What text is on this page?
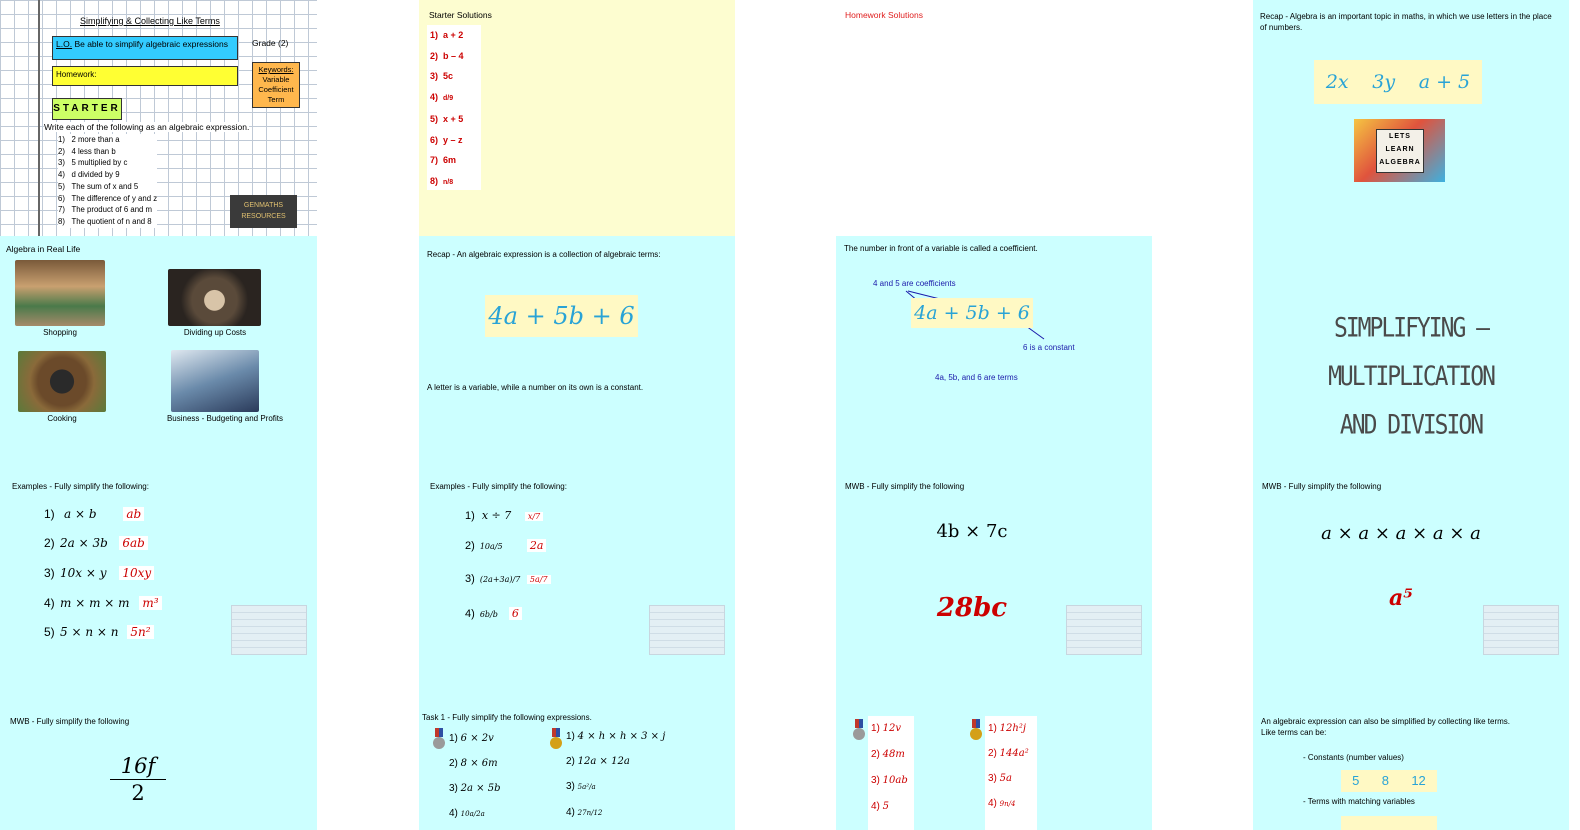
Simplifying & Collecting Like Terms
L.O. Be able to simplify algebraic expressions	Grade (2)
Homework:
Keywords:
Variable
Coefficient
Term
STARTER
Write each of the following as an algebraic expression.
1)   2 more than a
2)   4 less than b
3)   5 multiplied by c
4)   d divided by 9
5)   The sum of x and 5
6)   The difference of y and z
7)   The product of 6 and m
8)   The quotient of n and 8
GENMATHS
RESOURCES
Starter Solutions
1)  a + 2
2)  b – 4
3)  5c
4)  d/9
5)  x + 5
6)  y – z
7)  6m
8)  n/8
Homework Solutions	Recap - Algebra is an important topic in maths, in which we use letters in the place of numbers.
2x 3y a + 5
LETS
LEARN
ALGEBRA
Algebra in Real Life
Shopping	Dividing up Costs
Cooking	Business - Budgeting and Profits
Recap - An algebraic expression is a collection of algebraic terms:
4a + 5b + 6
A letter is a variable, while a number on its own is a constant.
The number in front of a variable is called a coefficient.
4 and 5 are coefficients
4a + 5b + 6
6 is a constant
4a, 5b, and 6 are terms
SIMPLIFYING – MULTIPLICATION
AND DIVISION
Examples - Fully simplify the following:
1) a × b ab
2) 2a × 3b 6ab
3) 10x × y 10xy
4) m × m × m m³
5) 5 × n × n 5n²
Examples - Fully simplify the following:
1) x ÷ 7 x/7
2) 10a/5 2a
3) (2a+3a)/7 5a/7
4) 6b/b 6
MWB - Fully simplify the following
4b × 7c
28bc
MWB - Fully simplify the following
a × a × a × a × a
a⁵
MWB - Fully simplify the following
$\frac{16f}{2}$
Task 1 - Fully simplify the following expressions.
1) 6 × 2v
2) 8 × 6m
3) 2a × 5b
4) 10a/2a
1) 4 × h × h × 3 × j
2) 12a × 12a
3) 5a²/a
4) 27n/12
1) 12v
2) 48m
3) 10ab
4) 5
1) 12h²j
2) 144a²
3) 5a
4) 9n/4
An algebraic expression can also be simplified by collecting like terms.
Like terms can be:
- Constants (number values)
5 8 12
- Terms with matching variables
